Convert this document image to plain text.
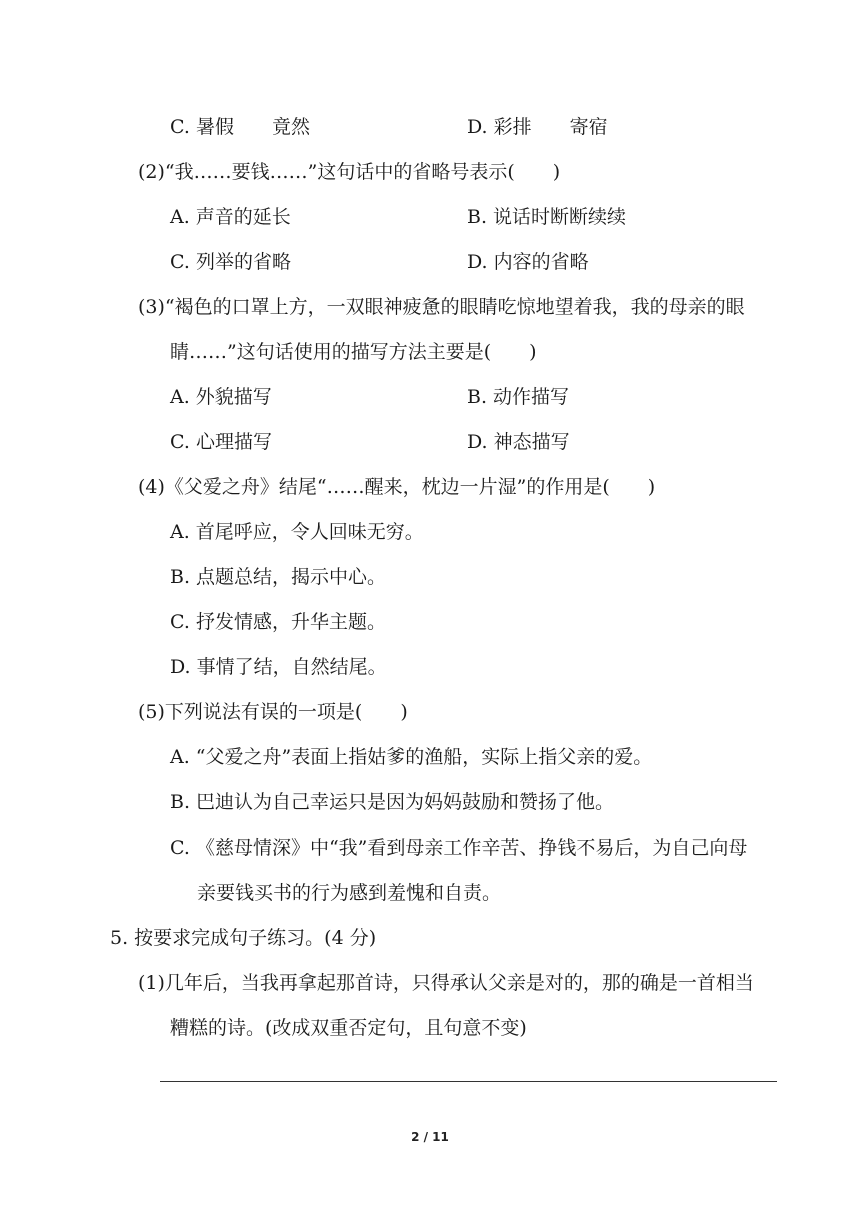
C. 暑假　　竟然	D. 彩排　　寄宿
(2)“我……要钱……”这句话中的省略号表示(　　)
A. 声音的延长	B. 说话时断断续续
C. 列举的省略	D. 内容的省略
(3)“褐色的口罩上方，一双眼神疲惫的眼睛吃惊地望着我，我的母亲的眼
睛……”这句话使用的描写方法主要是(　　)
A. 外貌描写	B. 动作描写
C. 心理描写	D. 神态描写
(4)《父爱之舟》结尾“……醒来，枕边一片湿”的作用是(　　)
A. 首尾呼应，令人回味无穷。
B. 点题总结，揭示中心。
C. 抒发情感，升华主题。
D. 事情了结，自然结尾。
(5)下列说法有误的一项是(　　)
A. “父爱之舟”表面上指姑爹的渔船，实际上指父亲的爱。
B. 巴迪认为自己幸运只是因为妈妈鼓励和赞扬了他。
C. 《慈母情深》中“我”看到母亲工作辛苦、挣钱不易后，为自己向母
亲要钱买书的行为感到羞愧和自责。
5. 按要求完成句子练习。(4 分)
(1)几年后，当我再拿起那首诗，只得承认父亲是对的，那的确是一首相当
糟糕的诗。(改成双重否定句，且句意不变)
2 / 11
